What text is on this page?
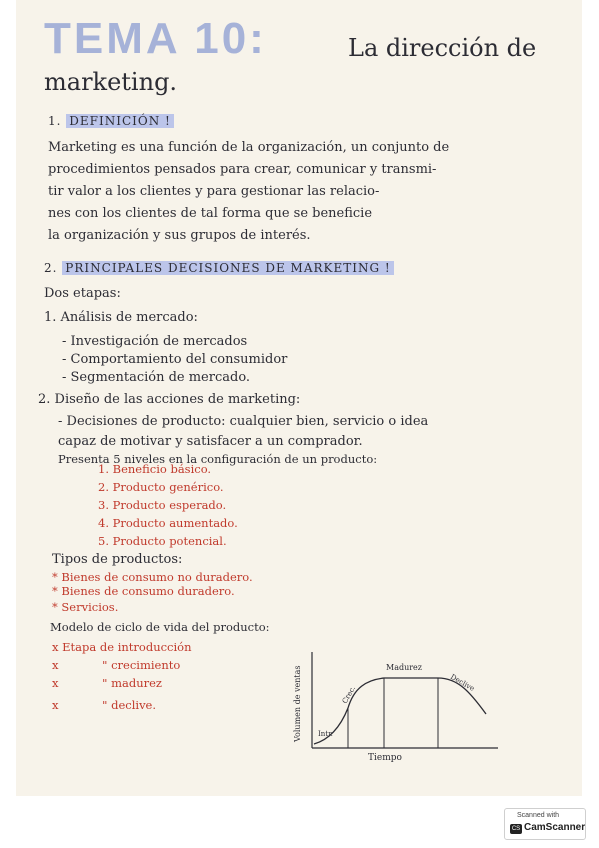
TEMA 10:	La dirección de
marketing.
1. DEFINICIÓN !
Marketing es una función de la organización, un conjunto de
procedimientos pensados para crear, comunicar y transmi-
tir valor a los clientes y para gestionar las relacio-
nes con los clientes de tal forma que se beneficie
la organización y sus grupos de interés.
2. PRINCIPALES DECISIONES DE MARKETING !
Dos etapas:
1. Análisis de mercado:
- Investigación de mercados
- Comportamiento del consumidor
- Segmentación de mercado.
2. Diseño de las acciones de marketing:
- Decisiones de producto: cualquier bien, servicio o idea
capaz de motivar y satisfacer a un comprador.
Presenta 5 niveles en la configuración de un producto:
1. Beneficio básico.
2. Producto genérico.
3. Producto esperado.
4. Producto aumentado.
5. Producto potencial.
Tipos de productos:
* Bienes de consumo no duradero.
* Bienes de consumo duradero.
* Servicios.
Modelo de ciclo de vida del producto:
x Etapa de introducción
x	" crecimiento
x	" madurez
x	" declive.	Volumen de ventas
Tiempo
Intr.
Crec.
Madurez
Declive
Scanned with
CS CamScanner
